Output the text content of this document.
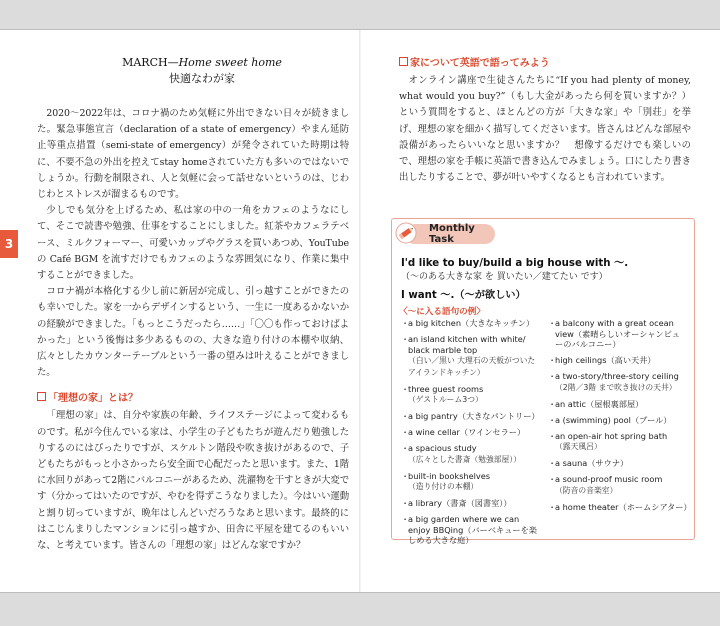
3
MARCH—Home sweet home
快適なわが家

2020～2022年は、コロナ禍のため気軽に外出できない日々が続きました。緊急事態宣言（declaration of a state of emergency）やまん延防止等重点措置（semi-state of emergency）が発令されていた時期は特に、不要不急の外出を控えてstay homeされていた方も多いのではないでしょうか。行動を制限され、人と気軽に会って話せないというのは、じわじわとストレスが溜まるものです。

少しでも気分を上げるため、私は家の中の一角をカフェのようなにして、そこで読書や勉強、仕事をすることにしました。紅茶やカフェラテベース、ミルクフォーマー、可愛いカップやグラスを買いあつめ、YouTubeの Café BGM を流すだけでもカフェのような雰囲気になり、作業に集中することができました。

コロナ禍が本格化する少し前に新居が完成し、引っ越すことができたのも幸いでした。家を一からデザインするという、一生に一度あるかないかの経験ができました。「もっとこうだったら……」「〇〇も作っておけばよかった」という後悔は多少あるものの、大きな造り付けの本棚や収納、広々としたカウンターテーブルという一番の望みは叶えることができました。

「理想の家」とは？

「理想の家」は、自分や家族の年齢、ライフステージによって変わるものです。私が今住んでいる家は、小学生の子どもたちが遊んだり勉強したりするのにはぴったりですが、スケルトン階段や吹き抜けがあるので、子どもたちがもっと小さかったら安全面で心配だったと思います。また、1階に水回りがあって2階にバルコニーがあるため、洗濯物を干すときが大変です（分かってはいたのですが、やむを得ずこうなりました）。今はいい運動と割り切っていますが、晩年はしんどいだろうなあと思います。最終的にはこじんまりしたマンションに引っ越すか、田舎に平屋を建てるのもいいな、と考えています。皆さんの「理想の家」はどんな家ですか？

家について英語で語ってみよう

オンライン講座で生徒さんたちに“If you had plenty of money, what would you buy?”（もし大金があったら何を買いますか？）という質問をすると、ほとんどの方が「大きな家」や「別荘」を挙げ、理想の家を細かく描写してくださいます。皆さんはどんな部屋や設備があったらいいなと思いますか？　想像するだけでも楽しいので、理想の家を手帳に英語で書き込んでみましょう。口にしたり書き出したりすることで、夢が叶いやすくなるとも言われています。

Monthly Task
I'd like to buy/build a big house with ～.
（～のある大きな家 を 買いたい／建てたい です）
I want ～.（～が欲しい）
〈～に入る語句の例〉
・
a big kitchen（大きなキッチン）
・
an island kitchen with white/ black marble top
（白い／黒い 大理石の天板がついた アイランドキッチン）
・
three guest rooms
（ゲストルーム3つ）
・
a big pantry（大きなパントリー）
・
a wine cellar（ワインセラー）
・
a spacious study
（広々とした書斎（勉強部屋））
・
built-in bookshelves
（造り付けの本棚）
・
a library（書斎（図書室））
・
a big garden where we can enjoy BBQing（バーベキューを楽しめる大きな庭）
・
a balcony with a great ocean view（素晴らしいオーシャンビューのバルコニー）
・
high ceilings（高い天井）
・
a two-story/three-story ceiling
（2階／3階 まで吹き抜けの天井）
・
an attic（屋根裏部屋）
・
a (swimming) pool（プール）
・
an open-air hot spring bath
（露天風呂）
・
a sauna（サウナ）
・
a sound-proof music room
（防音の音楽室）
・
a home theater（ホームシアター）
